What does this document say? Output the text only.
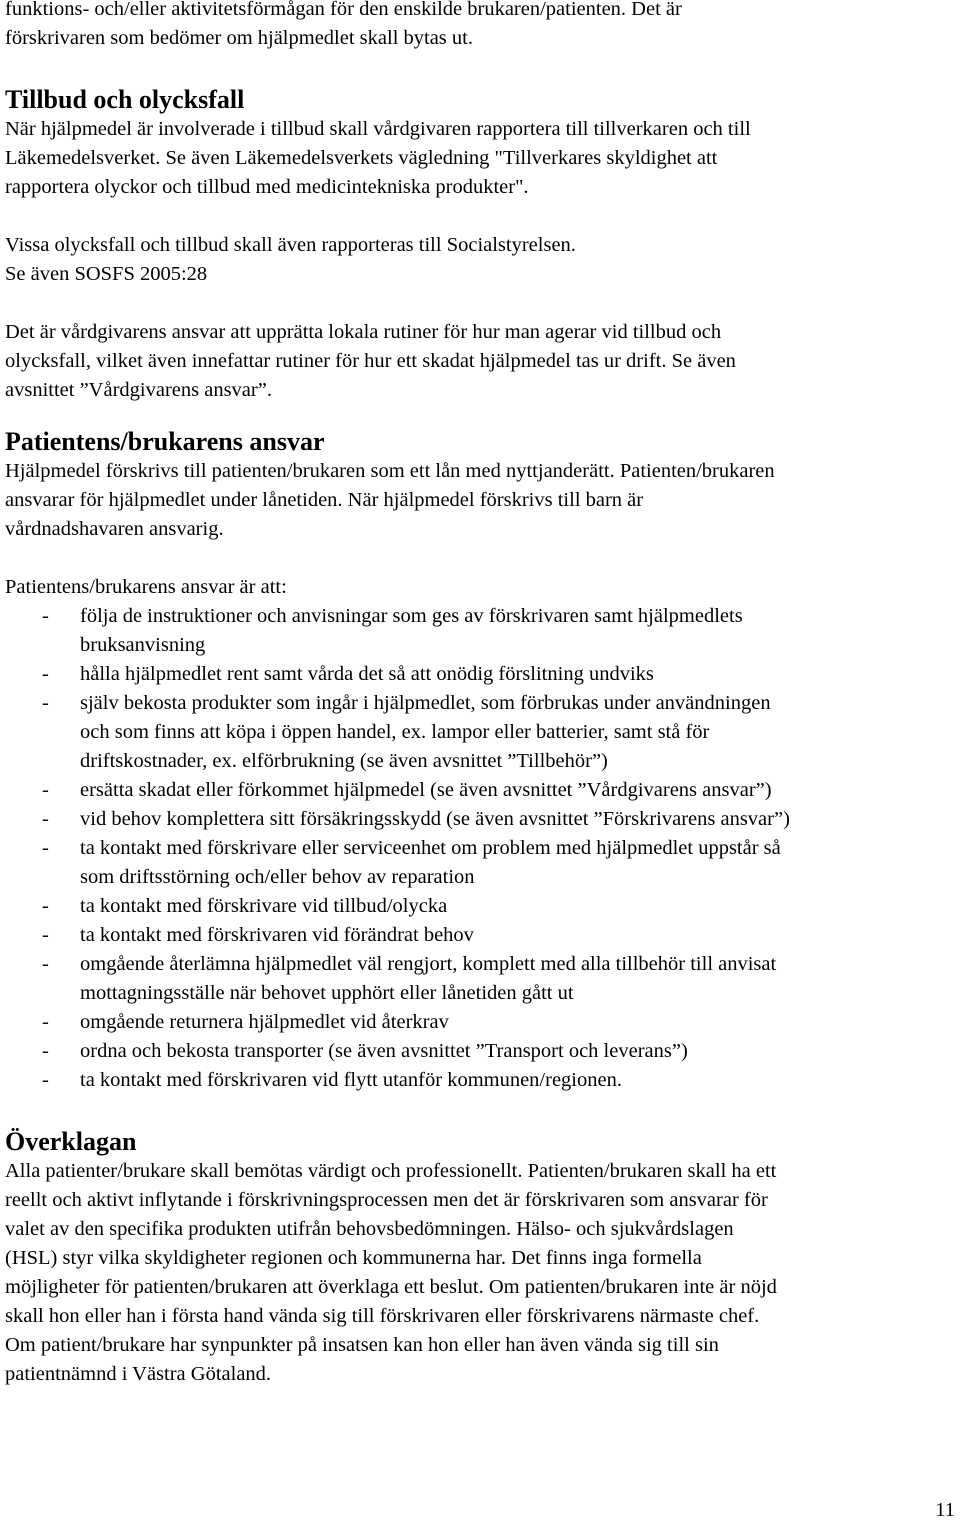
funktions- och/eller aktivitetsförmågan för den enskilde brukaren/patienten. Det är
förskrivaren som bedömer om hjälpmedlet skall bytas ut.

Tillbud och olycksfall

När hjälpmedel är involverade i tillbud skall vårdgivaren rapportera till tillverkaren och till
Läkemedelsverket. Se även Läkemedelsverkets vägledning "Tillverkares skyldighet att
rapportera olyckor och tillbud med medicintekniska produkter".

Vissa olycksfall och tillbud skall även rapporteras till Socialstyrelsen.
Se även SOSFS 2005:28

Det är vårdgivarens ansvar att upprätta lokala rutiner för hur man agerar vid tillbud och
olycksfall, vilket även innefattar rutiner för hur ett skadat hjälpmedel tas ur drift. Se även
avsnittet ”Vårdgivarens ansvar”.

Patientens/brukarens ansvar

Hjälpmedel förskrivs till patienten/brukaren som ett lån med nyttjanderätt. Patienten/brukaren
ansvarar för hjälpmedlet under lånetiden. När hjälpmedel förskrivs till barn är
vårdnadshavaren ansvarig.

Patientens/brukarens ansvar är att:

- följa de instruktioner och anvisningar som ges av förskrivaren samt hjälpmedlets
bruksanvisning
- hålla hjälpmedlet rent samt vårda det så att onödig förslitning undviks
- själv bekosta produkter som ingår i hjälpmedlet, som förbrukas under användningen
och som finns att köpa i öppen handel, ex. lampor eller batterier, samt stå för
driftskostnader, ex. elförbrukning (se även avsnittet ”Tillbehör”)
- ersätta skadat eller förkommet hjälpmedel (se även avsnittet ”Vårdgivarens ansvar”)
- vid behov komplettera sitt försäkringsskydd (se även avsnittet ”Förskrivarens ansvar”)
- ta kontakt med förskrivare eller serviceenhet om problem med hjälpmedlet uppstår så
som driftsstörning och/eller behov av reparation
- ta kontakt med förskrivare vid tillbud/olycka
- ta kontakt med förskrivaren vid förändrat behov
- omgående återlämna hjälpmedlet väl rengjort, komplett med alla tillbehör till anvisat
mottagningsställe när behovet upphört eller lånetiden gått ut
- omgående returnera hjälpmedlet vid återkrav
- ordna och bekosta transporter (se även avsnittet ”Transport och leverans”)
- ta kontakt med förskrivaren vid flytt utanför kommunen/regionen.
Överklagan

Alla patienter/brukare skall bemötas värdigt och professionellt. Patienten/brukaren skall ha ett
reellt och aktivt inflytande i förskrivningsprocessen men det är förskrivaren som ansvarar för
valet av den specifika produkten utifrån behovsbedömningen. Hälso- och sjukvårdslagen
(HSL) styr vilka skyldigheter regionen och kommunerna har. Det finns inga formella
möjligheter för patienten/brukaren att överklaga ett beslut. Om patienten/brukaren inte är nöjd
skall hon eller han i första hand vända sig till förskrivaren eller förskrivarens närmaste chef.
Om patient/brukare har synpunkter på insatsen kan hon eller han även vända sig till sin
patientnämnd i Västra Götaland.

11
